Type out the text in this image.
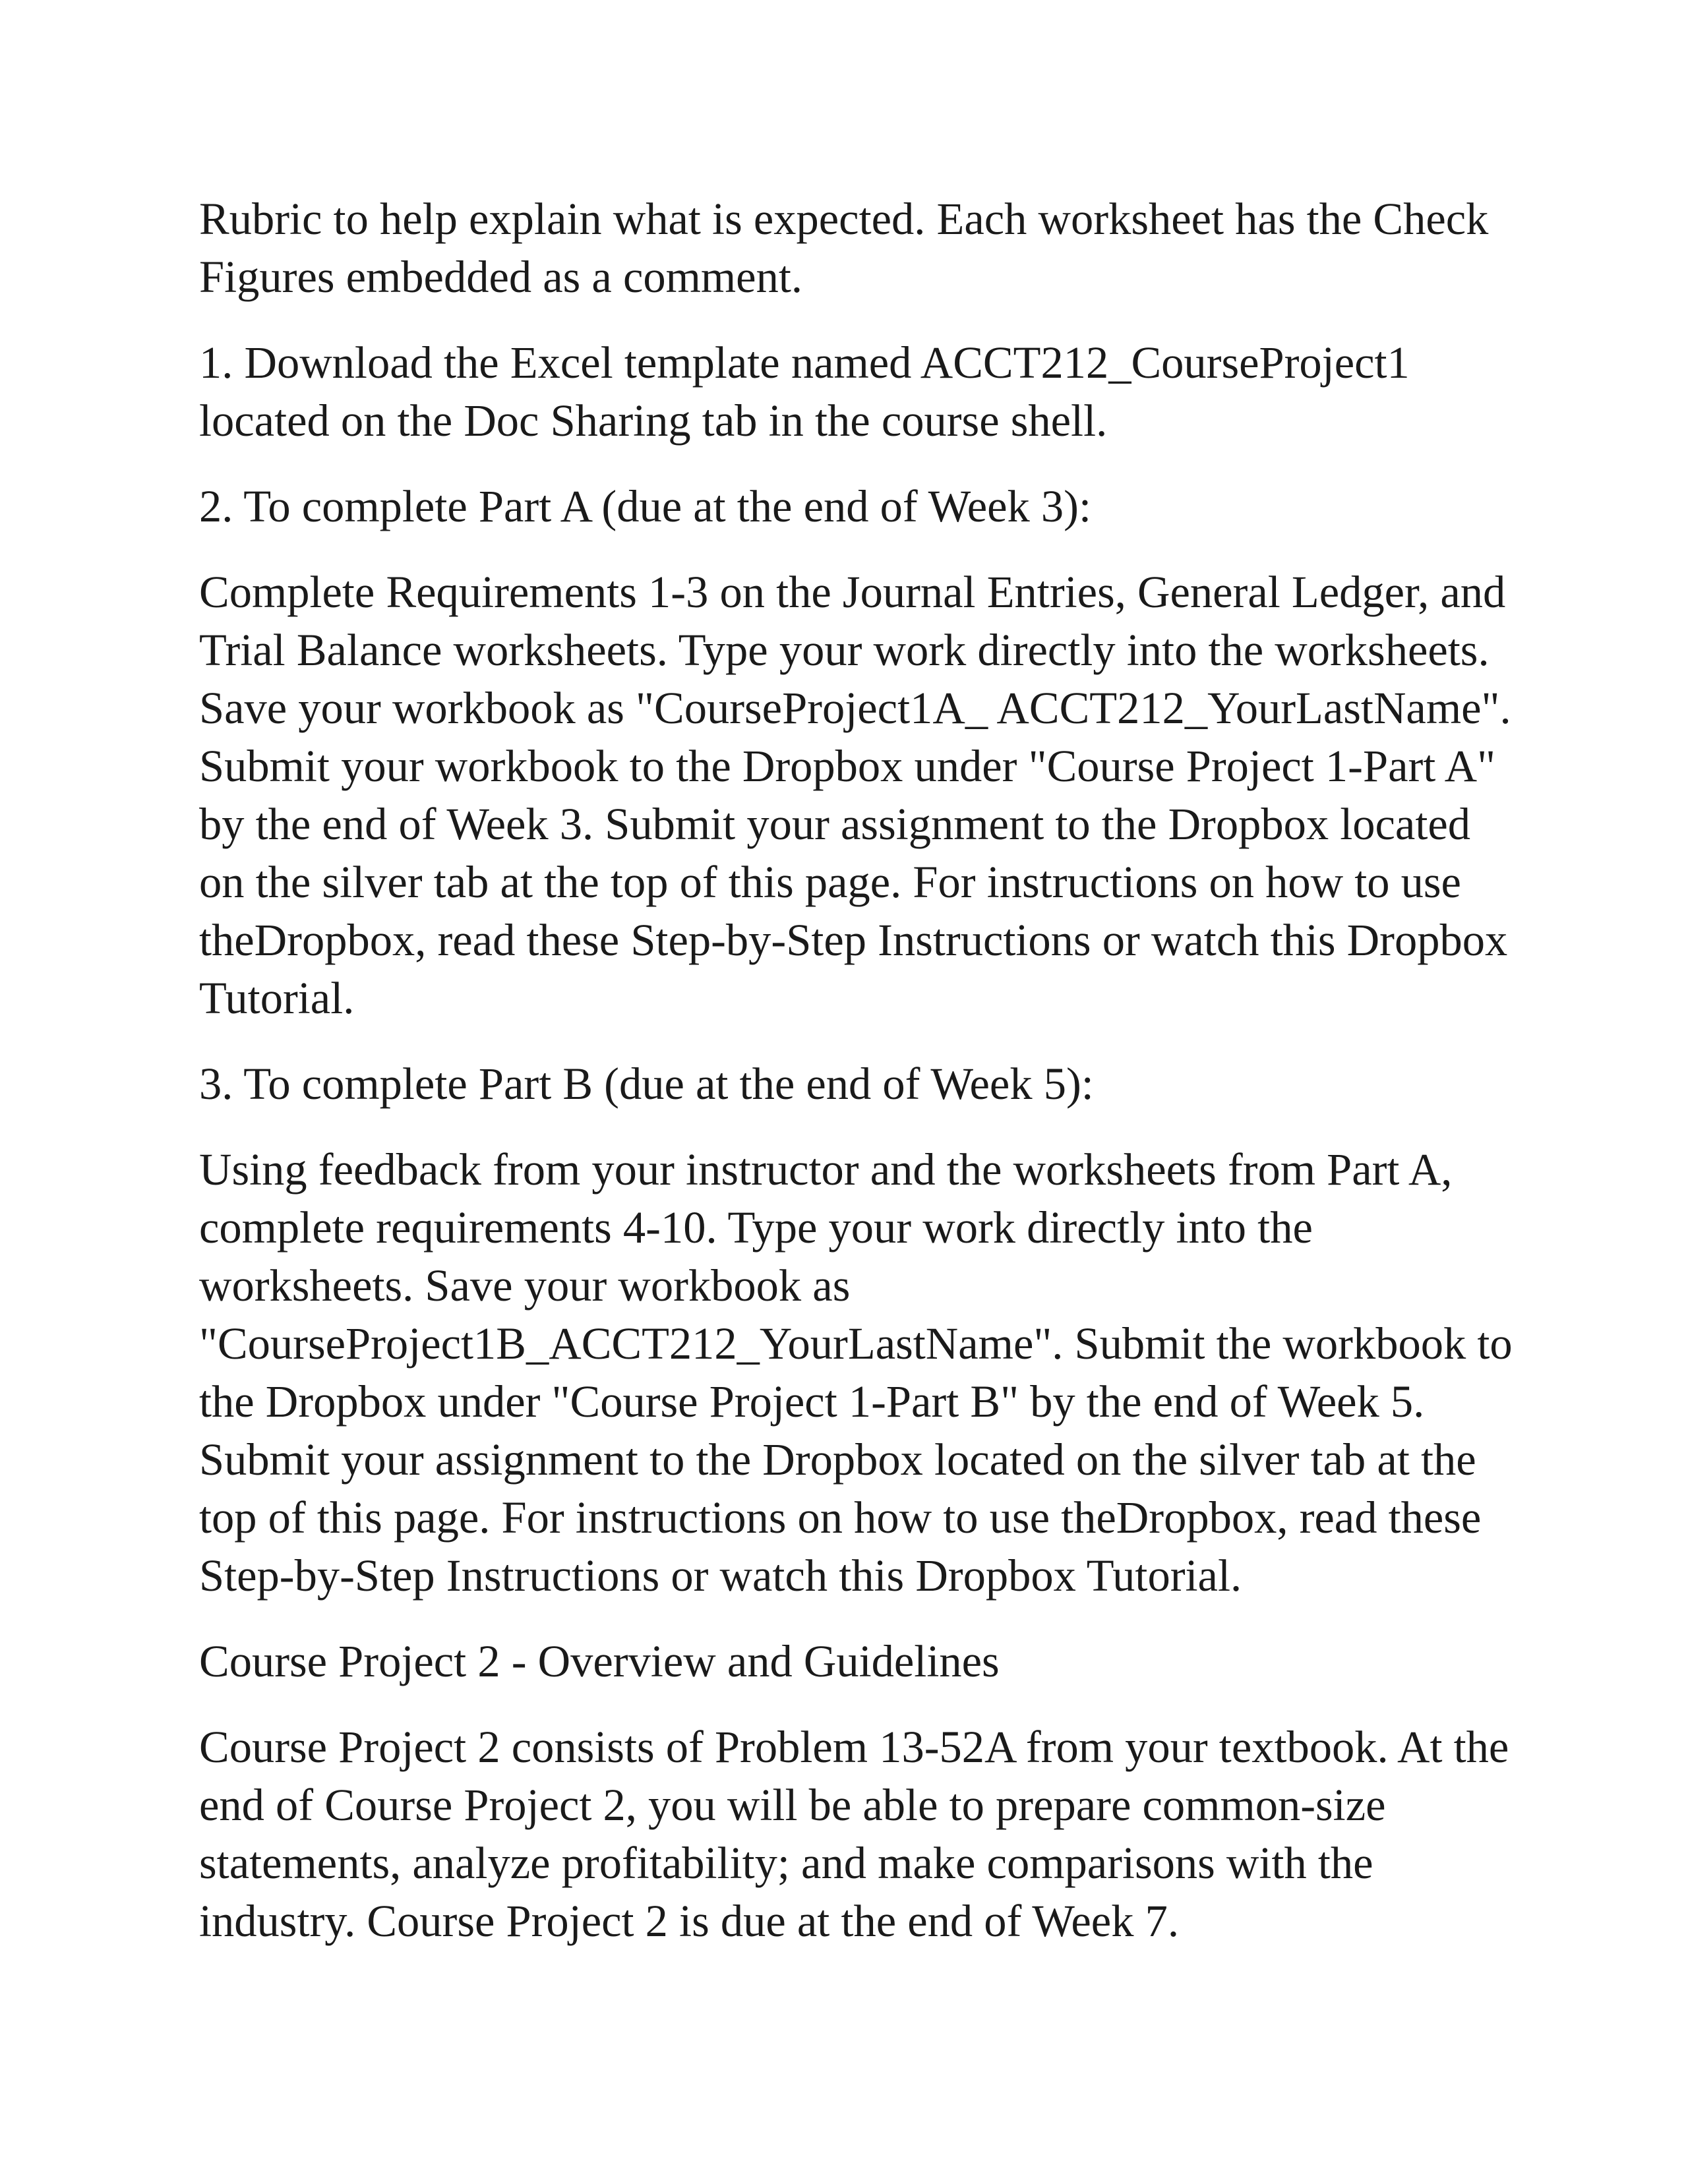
Rubric to help explain what is expected. Each worksheet has the Check
Figures embedded as a comment.

1. Download the Excel template named ACCT212_CourseProject1
located on the Doc Sharing tab in the course shell.

2. To complete Part A (due at the end of Week 3):

Complete Requirements 1-3 on the Journal Entries, General Ledger, and
Trial Balance worksheets. Type your work directly into the worksheets.
Save your workbook as "CourseProject1A_ ACCT212_YourLastName".
Submit your workbook to the Dropbox under "Course Project 1-Part A"
by the end of Week 3. Submit your assignment to the Dropbox located
on the silver tab at the top of this page. For instructions on how to use
theDropbox, read these Step-by-Step Instructions or watch this Dropbox
Tutorial.

3. To complete Part B (due at the end of Week 5):

Using feedback from your instructor and the worksheets from Part A,
complete requirements 4-10. Type your work directly into the
worksheets. Save your workbook as
"CourseProject1B_ACCT212_YourLastName". Submit the workbook to
the Dropbox under "Course Project 1-Part B" by the end of Week 5.
Submit your assignment to the Dropbox located on the silver tab at the
top of this page. For instructions on how to use theDropbox, read these
Step-by-Step Instructions or watch this Dropbox Tutorial.

Course Project 2 - Overview and Guidelines

Course Project 2 consists of Problem 13-52A from your textbook. At the
end of Course Project 2, you will be able to prepare common-size
statements, analyze profitability; and make comparisons with the
industry. Course Project 2 is due at the end of Week 7.
